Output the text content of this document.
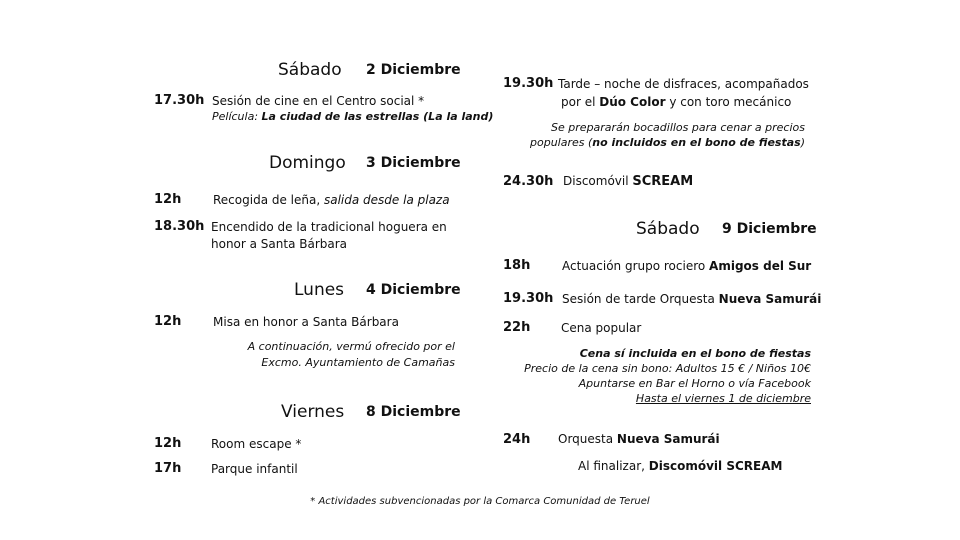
Sábado 2 Diciembre
17.30h Sesión de cine en el Centro social *
Película: La ciudad de las estrellas (La la land)
Domingo 3 Diciembre
12h	Recogida de leña, salida desde la plaza
18.30h Encendido de la tradicional hoguera en
honor a Santa Bárbara
Lunes 4 Diciembre
12h	Misa en honor a Santa Bárbara
A continuación, vermú ofrecido por el
Excmo. Ayuntamiento de Camañas
Viernes 8 Diciembre
12h Room escape *
17h Parque infantil
19.30h Tarde – noche de disfraces, acompañados
por el Dúo Color y con toro mecánico
Se prepararán bocadillos para cenar a precios
populares (no incluidos en el bono de fiestas)
24.30h Discomóvil SCREAM
Sábado 9 Diciembre
18h	Actuación grupo rociero Amigos del Sur
19.30h Sesión de tarde Orquesta Nueva Samurái
22h	Cena popular
Cena sí incluida en el bono de fiestas
Precio de la cena sin bono: Adultos 15 € / Niños 10€
Apuntarse en Bar el Horno o vía Facebook
Hasta el viernes 1 de diciembre
24h Orquesta Nueva Samurái
Al finalizar, Discomóvil SCREAM
* Actividades subvencionadas por la Comarca Comunidad de Teruel
